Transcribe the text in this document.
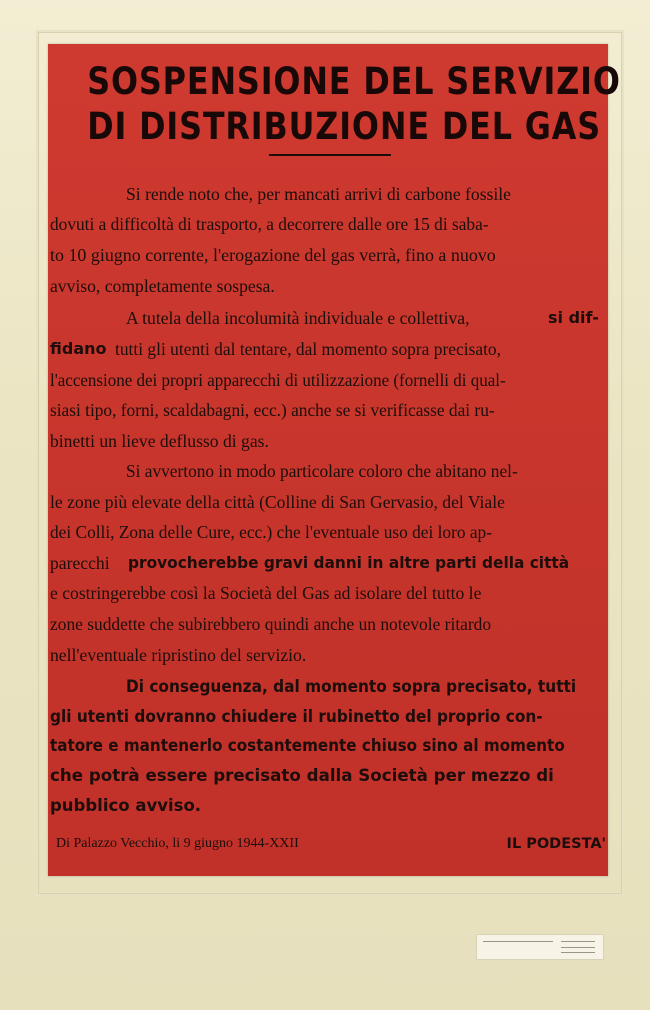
SOSPENSIONE DEL SERVIZIO
DI DISTRIBUZIONE DEL GAS
Si rende noto che, per mancati arrivi di carbone fossile
dovuti a difficoltà di trasporto, a decorrere dalle ore 15 di saba-
to 10 giugno corrente, l'erogazione del gas verrà, fino a nuovo
avviso, completamente sospesa.
A tutela della incolumità individuale e collettiva,	si dif-
fidano tutti gli utenti dal tentare, dal momento sopra precisato,
l'accensione dei propri apparecchi di utilizzazione (fornelli di qual-
siasi tipo, forni, scaldabagni, ecc.) anche se si verificasse dai ru-
binetti un lieve deflusso di gas.
Si avvertono in modo particolare coloro che abitano nel-
le zone più elevate della città (Colline di San Gervasio, del Viale
dei Colli, Zona delle Cure, ecc.) che l'eventuale uso dei loro ap-
parecchi provocherebbe gravi danni in altre parti della città
e costringerebbe così la Società del Gas ad isolare del tutto le
zone suddette che subirebbero quindi anche un notevole ritardo
nell'eventuale ripristino del servizio.
Di conseguenza, dal momento sopra precisato, tutti
gli utenti dovranno chiudere il rubinetto del proprio con-
tatore e mantenerlo costantemente chiuso sino al momento
che potrà essere precisato dalla Società per mezzo di
pubblico avviso.
Di Palazzo Vecchio, li 9 giugno 1944-XXII	IL PODESTA'
